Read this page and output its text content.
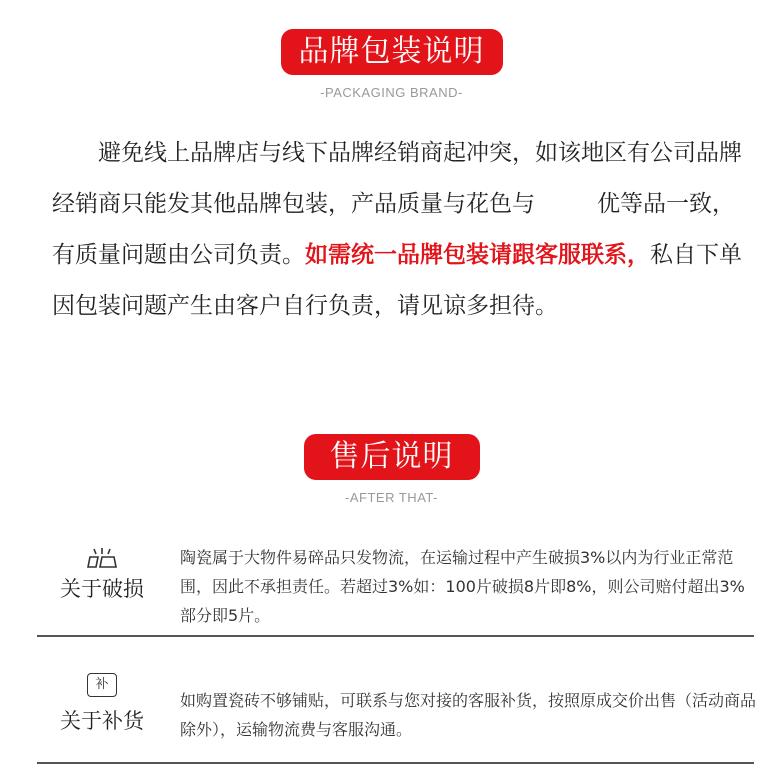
品牌包装说明
-PACKAGING BRAND-

避免线上品牌店与线下品牌经销商起冲突，如该地区有公司品牌经销商只能发其他品牌包装，产品质量与花色与	优等品一致，有质量问题由公司负责。如需统一品牌包装请跟客服联系，私自下单因包装问题产生由客户自行负责，请见谅多担待。

售后说明
-AFTER THAT-
关于破损

陶瓷属于大物件易碎品只发物流，在运输过程中产生破损3%以内为行业正常范围，因此不承担责任。若超过3%如：100片破损8片即8%，则公司赔付超出3%部分即5片。

补
关于补货

如购置瓷砖不够铺贴，可联系与您对接的客服补货，按照原成交价出售（活动商品除外），运输物流费与客服沟通。
